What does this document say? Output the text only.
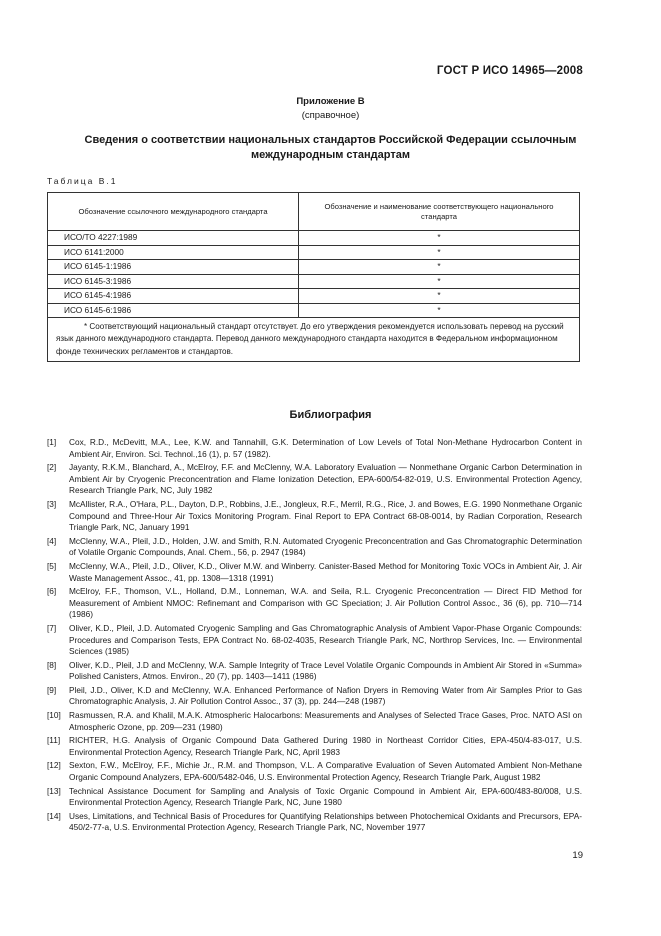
ГОСТ Р ИСО 14965—2008
Приложение В
(справочное)
Сведения о соответствии национальных стандартов Российской Федерации ссылочным международным стандартам
Таблица В.1
Обозначение ссылочного международного стандарта	Обозначение и наименование соответствующего национального стандарта
ИСО/ТО 4227:1989	*
ИСО 6141:2000	*
ИСО 6145-1:1986	*
ИСО 6145-3:1986	*
ИСО 6145-4:1986	*
ИСО 6145-6:1986	*

* Соответствующий национальный стандарт отсутствует. До его утверждения рекомендуется использовать перевод на русский язык данного международного стандарта. Перевод данного международного стандарта находится в Федеральном информационном фонде технических регламентов и стандартов.	
Библиография
[1]	Cox, R.D., McDevitt, M.A., Lee, K.W. and Tannahill, G.K. Determination of Low Levels of Total Non-Methane Hydrocarbon Content in Ambient Air, Environ. Sci. Technol.,16 (1), p. 57 (1982).
[2]	Jayanty, R.K.M., Blanchard, A., McElroy, F.F. and McClenny, W.A. Laboratory Evaluation — Nonmethane Organic Carbon Determination in Ambient Air by Cryogenic Preconcentration and Flame Ionization Detection, EPA-600/54-82-019, U.S. Environmental Protection Agency, Research Triangle Park, NC, July 1982
[3]	McAllister, R.A., O'Hara, P.L., Dayton, D.P., Robbins, J.E., Jongleux, R.F., Merril, R.G., Rice, J. and Bowes, E.G. 1990 Nonmethane Organic Compound and Three-Hour Air Toxics Monitoring Program. Final Report to EPA Contract 68-08-0014, by Radian Corporation, Research Triangle Park, NC, January 1991
[4]	McClenny, W.A., Pleil, J.D., Holden, J.W. and Smith, R.N. Automated Cryogenic Preconcentration and Gas Chromatographic Determination of Volatile Organic Compounds, Anal. Chem., 56, p. 2947 (1984)
[5]	McClenny, W.A., Pleil, J.D., Oliver, K.D., Oliver M.W. and Winberry. Canister-Based Method for Monitoring Toxic VOCs in Ambient Air, J. Air Waste Management Assoc., 41, pp. 1308—1318 (1991)
[6]	McElroy, F.F., Thomson, V.L., Holland, D.M., Lonneman, W.A. and Seila, R.L. Cryogenic Preconcentration — Direct FID Method for Measurement of Ambient NMOC: Refinemant and Comparison with GC Speciation; J. Air Pollution Control Assoc., 36 (6), pp. 710—714 (1986)
[7]	Oliver, K.D., Pleil, J.D. Automated Cryogenic Sampling and Gas Chromatographic Analysis of Ambient Vapor-Phase Organic Compounds: Procedures and Comparison Tests, EPA Contract No. 68-02-4035, Research Triangle Park, NC, Northrop Services, Inc. — Environmental Sciences (1985)
[8]	Oliver, K.D., Pleil, J.D and McClenny, W.A. Sample Integrity of Trace Level Volatile Organic Compounds in Ambient Air Stored in «Summa» Polished Canisters, Atmos. Environ., 20 (7), pp. 1403—1411 (1986)
[9]	Pleil, J.D., Oliver, K.D and McClenny, W.A. Enhanced Performance of Nafion Dryers in Removing Water from Air Samples Prior to Gas Chromatographic Analysis, J. Air Pollution Control Assoc., 37 (3), pp. 244—248 (1987)
[10] Rasmussen, R.A. and Khalil, M.A.K. Atmospheric Halocarbons: Measurements and Analyses of Selected Trace Gases, Proc. NATO ASI on Atmospheric Ozone, pp. 209—231 (1980)
[11]	RICHTER, H.G. Analysis of Organic Compound Data Gathered During 1980 in Northeast Corridor Cities, EPA-450/4-83-017, U.S. Environmental Protection Agency, Research Triangle Park, NC, April 1983
[12] Sexton, F.W., McElroy, F.F., Michie Jr., R.M. and Thompson, V.L. A Comparative Evaluation of Seven Automated Ambient Non-Methane Organic Compound Analyzers, EPA-600/5482-046, U.S. Environmental Protection Agency, Research Triangle Park, August 1982
[13] Technical Assistance Document for Sampling and Analysis of Toxic Organic Compound in Ambient Air, EPA-600/483-80/008, U.S. Environmental Protection Agency, Research Triangle Park, NC, June 1980
[14] Uses, Limitations, and Technical Basis of Procedures for Quantifying Relationships between Photochemical Oxidants and Precursors, EPA-450/2-77-a, U.S. Environmental Protection Agency, Research Triangle Park, NC, November 1977
19
